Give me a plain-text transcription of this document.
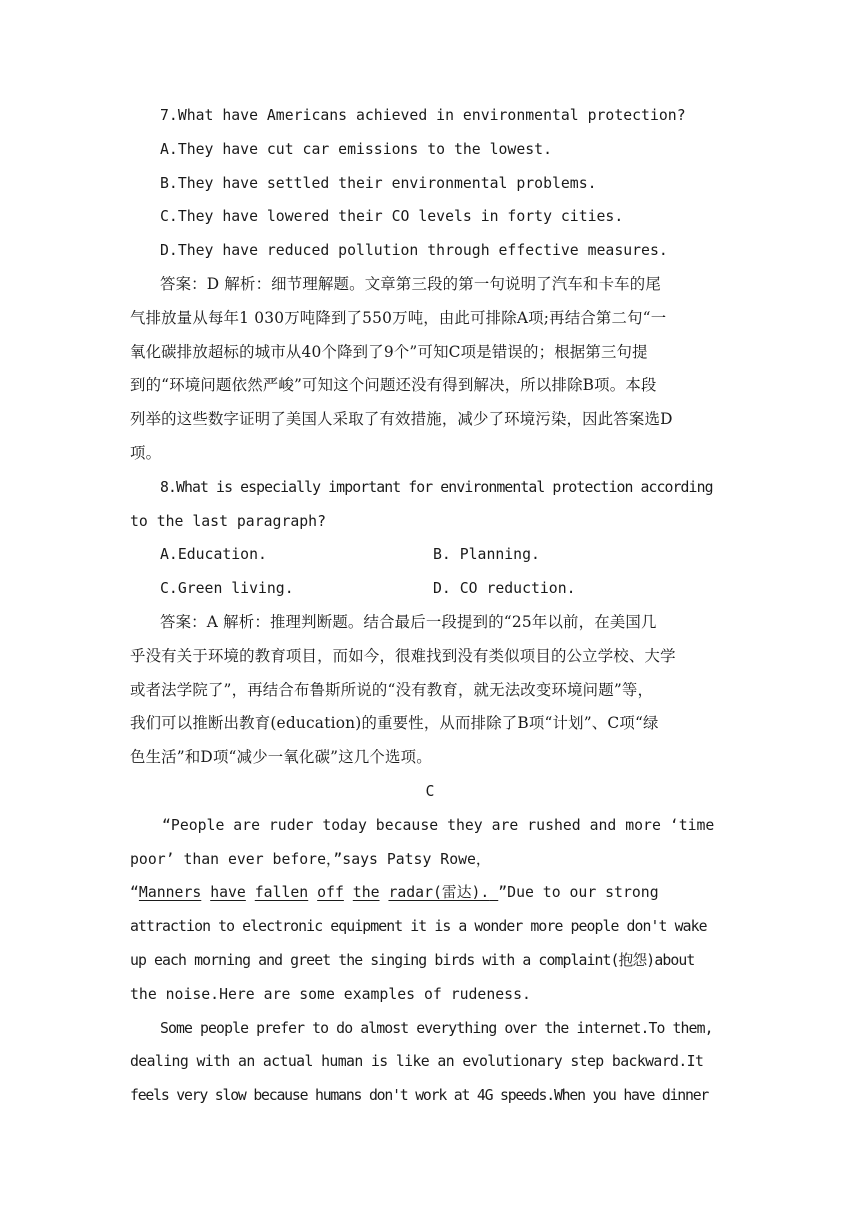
7.What have Americans achieved in environmental protection?
A.They have cut car emissions to the lowest.
B.They have settled their environmental problems.
C.They have lowered their CO levels in forty cities.
D.They have reduced pollution through effective measures.
答案：D 解析：细节理解题。文章第三段的第一句说明了汽车和卡车的尾
气排放量从每年1 030万吨降到了550万吨，由此可排除A项;再结合第二句“一
氧化碳排放超标的城市从40个降到了9个”可知C项是错误的；根据第三句提
到的“环境问题依然严峻”可知这个问题还没有得到解决，所以排除B项。本段
列举的这些数字证明了美国人采取了有效措施，减少了环境污染，因此答案选D
项。
8.What is especially important for environmental protection according
to the last paragraph?
A.Education.	B. Planning.
C.Green living.	D. CO reduction.
答案：A 解析：推理判断题。结合最后一段提到的“25年以前，在美国几
乎没有关于环境的教育项目，而如今，很难找到没有类似项目的公立学校、大学
或者法学院了”，再结合布鲁斯所说的“没有教育，就无法改变环境问题”等，
我们可以推断出教育(education)的重要性，从而排除了B项“计划”、C项“绿
色生活”和D项“减少一氧化碳”这几个选项。
C
“People are ruder today because they are rushed and more ‘time
poor’ than ever before，”says Patsy Rowe，
“Manners have fallen off the radar(雷达). ”Due to our strong
attraction to electronic equipment it is a wonder more people don't wake
up each morning and greet the singing birds with a complaint(抱怨)about
the noise.Here are some examples of rudeness.
Some people prefer to do almost everything over the internet.To them,
dealing with an actual human is like an evolutionary step backward.It
feels very slow because humans don't work at 4G speeds.When you have dinner
